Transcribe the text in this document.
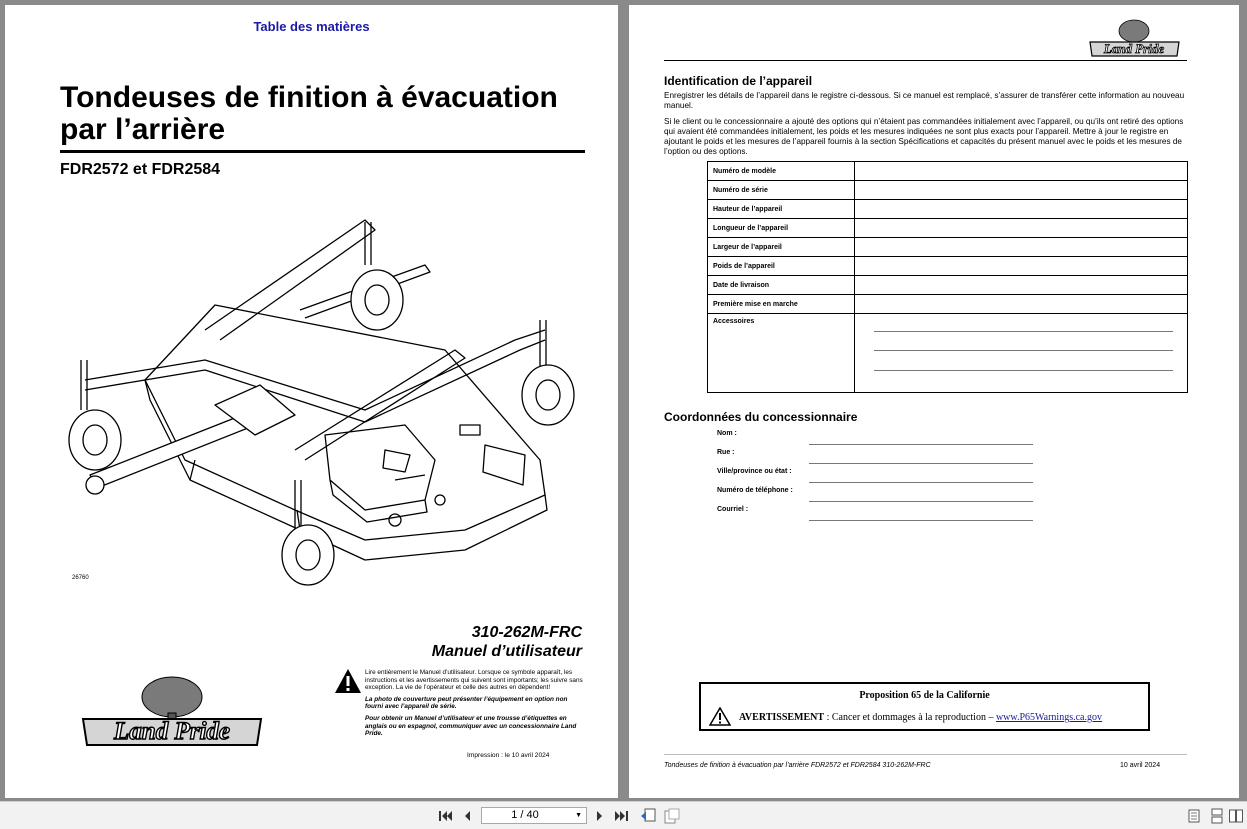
Table des matières
Tondeuses de finition à évacuation par l’arrière
FDR2572 et FDR2584
26760
310-262M-FRC
Manuel d’utilisateur

Lire entièrement le Manuel d’utilisateur. Lorsque ce symbole apparaît, les instructions et les avertissements qui suivent sont importants; les suivre sans exception. La vie de l’opérateur et celle des autres en dépendent!

La photo de couverture peut présenter l’équipement en option non fourni avec l’appareil de série.

Pour obtenir un Manuel d’utilisateur et une trousse d’étiquettes en anglais ou en espagnol, communiquer avec un concessionnaire Land Pride.

Impression : le 10 avril 2024
Land Pride
Land Pride
Identification de l’appareil
Enregistrer les détails de l’appareil dans le registre ci-dessous. Si ce manuel est remplacé, s’assurer de transférer cette information au nouveau manuel.
Si le client ou le concessionnaire a ajouté des options qui n’étaient pas commandées initialement avec l’appareil, ou qu’ils ont retiré des options qui avaient été commandées initialement, les poids et les mesures indiquées ne sont plus exacts pour l’appareil. Mettre à jour le registre en ajoutant le poids et les mesures de l’appareil fournis à la section Spécifications et capacités du présent manuel avec le poids et les mesures de l’option ou des options.
Numéro de modèle	
Numéro de série	
Hauteur de l’appareil	
Longueur de l’appareil	
Largeur de l’appareil	
Poids de l’appareil	
Date de livraison	
Première mise en marche	
Accessoires	
Coordonnées du concessionnaire
Nom :
Rue :
Ville/province ou état :
Numéro de téléphone :
Courriel :
Proposition 65 de la Californie
AVERTISSEMENT : Cancer et dommages à la reproduction – www.P65Warnings.ca.gov
Tondeuses de finition à évacuation par l’arrière FDR2572 et FDR2584 310-262M-FRC	10 avril 2024
1 / 40	▼
